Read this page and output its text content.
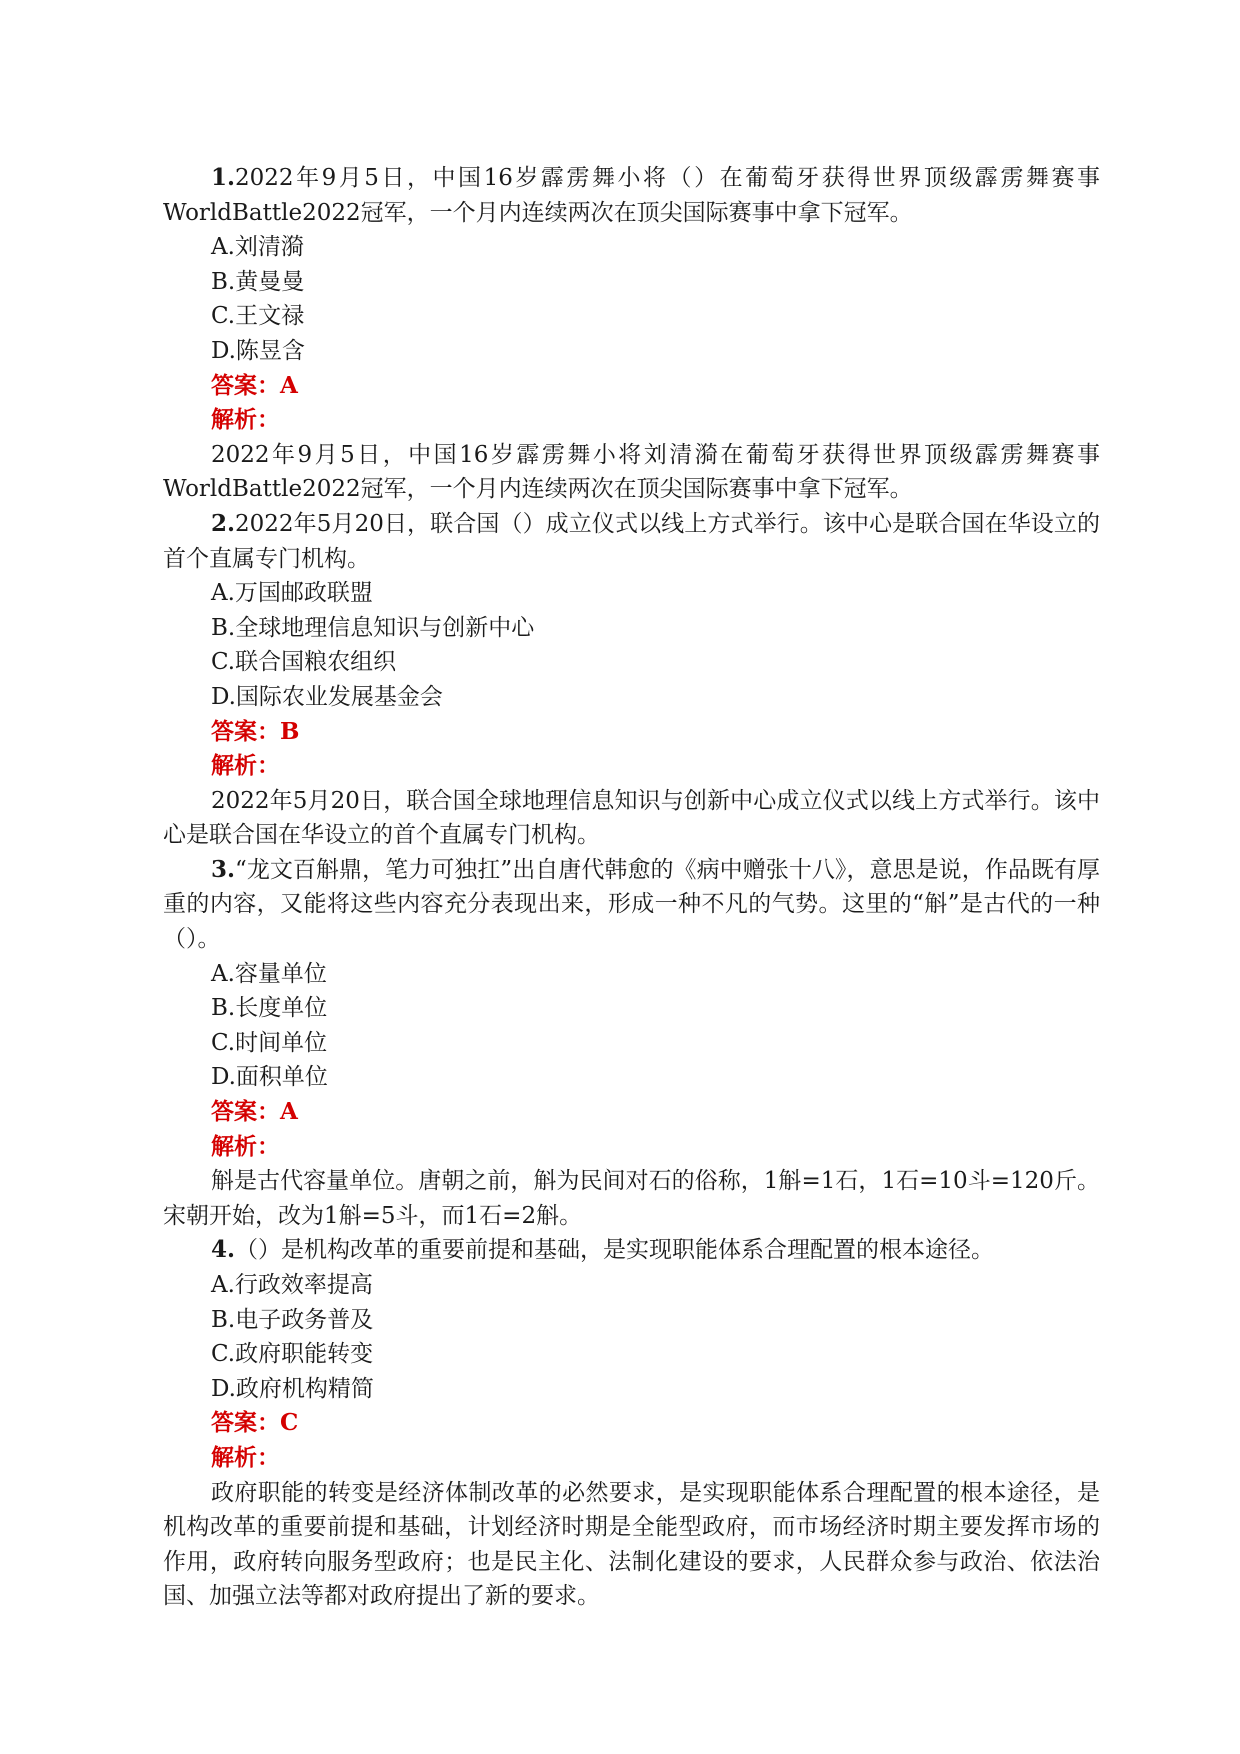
1.2022年9月5日，中国16岁霹雳舞小将（）在葡萄牙获得世界顶级霹雳舞赛事WorldBattle2022冠军，一个月内连续两次在顶尖国际赛事中拿下冠军。

A.刘清漪

B.黄曼曼

C.王文禄

D.陈昱含

答案：A

解析：

2022年9月5日，中国16岁霹雳舞小将刘清漪在葡萄牙获得世界顶级霹雳舞赛事WorldBattle2022冠军，一个月内连续两次在顶尖国际赛事中拿下冠军。

2.2022年5月20日，联合国（）成立仪式以线上方式举行。该中心是联合国在华设立的首个直属专门机构。

A.万国邮政联盟

B.全球地理信息知识与创新中心

C.联合国粮农组织

D.国际农业发展基金会

答案：B

解析：

2022年5月20日，联合国全球地理信息知识与创新中心成立仪式以线上方式举行。该中心是联合国在华设立的首个直属专门机构。

3.“龙文百斛鼎，笔力可独扛”出自唐代韩愈的《病中赠张十八》，意思是说，作品既有厚重的内容，又能将这些内容充分表现出来，形成一种不凡的气势。这里的“斛”是古代的一种（）。

A.容量单位

B.长度单位

C.时间单位

D.面积单位

答案：A

解析：

斛是古代容量单位。唐朝之前，斛为民间对石的俗称，1斛=1石，1石=10斗=120斤。宋朝开始，改为1斛=5斗，而1石=2斛。

4.（）是机构改革的重要前提和基础，是实现职能体系合理配置的根本途径。

A.行政效率提高

B.电子政务普及

C.政府职能转变

D.政府机构精简

答案：C

解析：

政府职能的转变是经济体制改革的必然要求，是实现职能体系合理配置的根本途径，是机构改革的重要前提和基础，计划经济时期是全能型政府，而市场经济时期主要发挥市场的作用，政府转向服务型政府；也是民主化、法制化建设的要求，人民群众参与政治、依法治国、加强立法等都对政府提出了新的要求。
